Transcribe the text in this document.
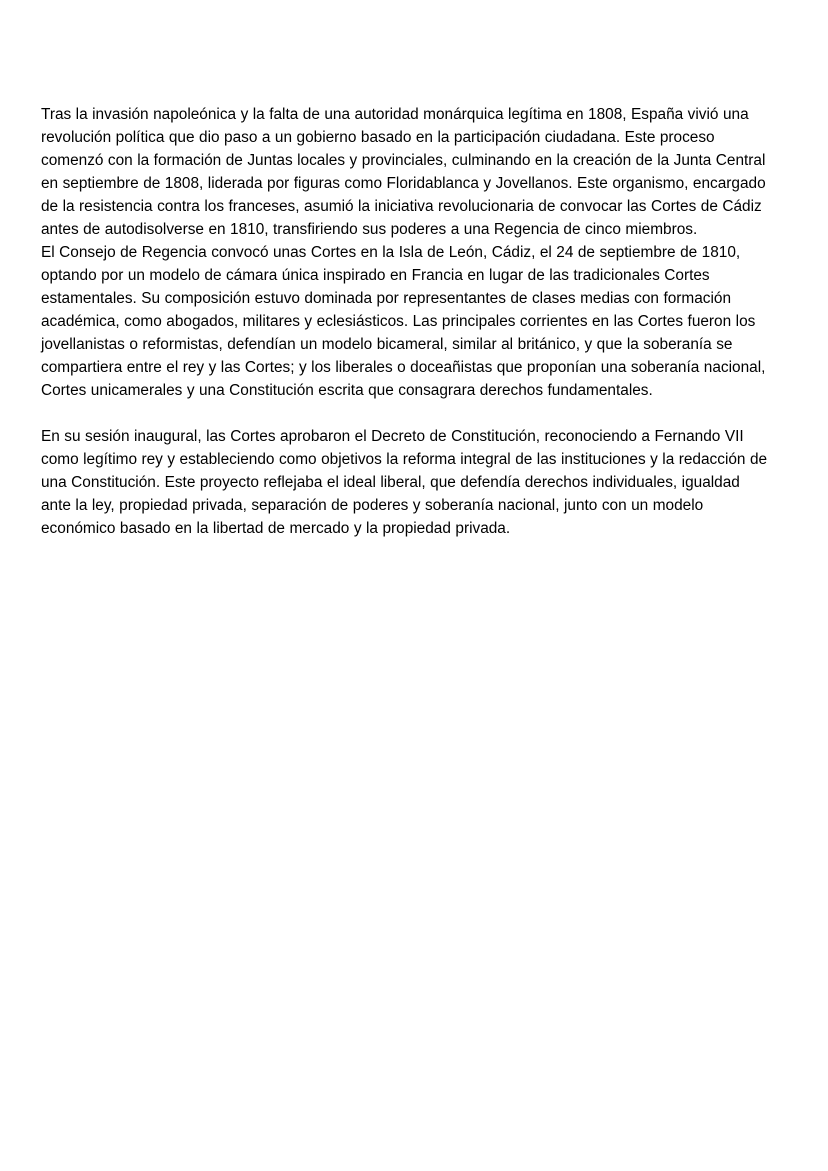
Tras la invasión napoleónica y la falta de una autoridad monárquica legítima en 1808, España vivió una
revolución política que dio paso a un gobierno basado en la participación ciudadana. Este proceso
comenzó con la formación de Juntas locales y provinciales, culminando en la creación de la Junta Central
en septiembre de 1808, liderada por figuras como Floridablanca y Jovellanos. Este organismo, encargado
de la resistencia contra los franceses, asumió la iniciativa revolucionaria de convocar las Cortes de Cádiz
antes de autodisolverse en 1810, transfiriendo sus poderes a una Regencia de cinco miembros.
El Consejo de Regencia convocó unas Cortes en la Isla de León, Cádiz, el 24 de septiembre de 1810,
optando por un modelo de cámara única inspirado en Francia en lugar de las tradicionales Cortes
estamentales. Su composición estuvo dominada por representantes de clases medias con formación
académica, como abogados, militares y eclesiásticos. Las principales corrientes en las Cortes fueron los
jovellanistas o reformistas, defendían un modelo bicameral, similar al británico, y que la soberanía se
compartiera entre el rey y las Cortes; y los liberales o doceañistas que proponían una soberanía nacional,
Cortes unicamerales y una Constitución escrita que consagrara derechos fundamentales.
En su sesión inaugural, las Cortes aprobaron el Decreto de Constitución, reconociendo a Fernando VII
como legítimo rey y estableciendo como objetivos la reforma integral de las instituciones y la redacción de
una Constitución. Este proyecto reflejaba el ideal liberal, que defendía derechos individuales, igualdad
ante la ley, propiedad privada, separación de poderes y soberanía nacional, junto con un modelo
económico basado en la libertad de mercado y la propiedad privada.
